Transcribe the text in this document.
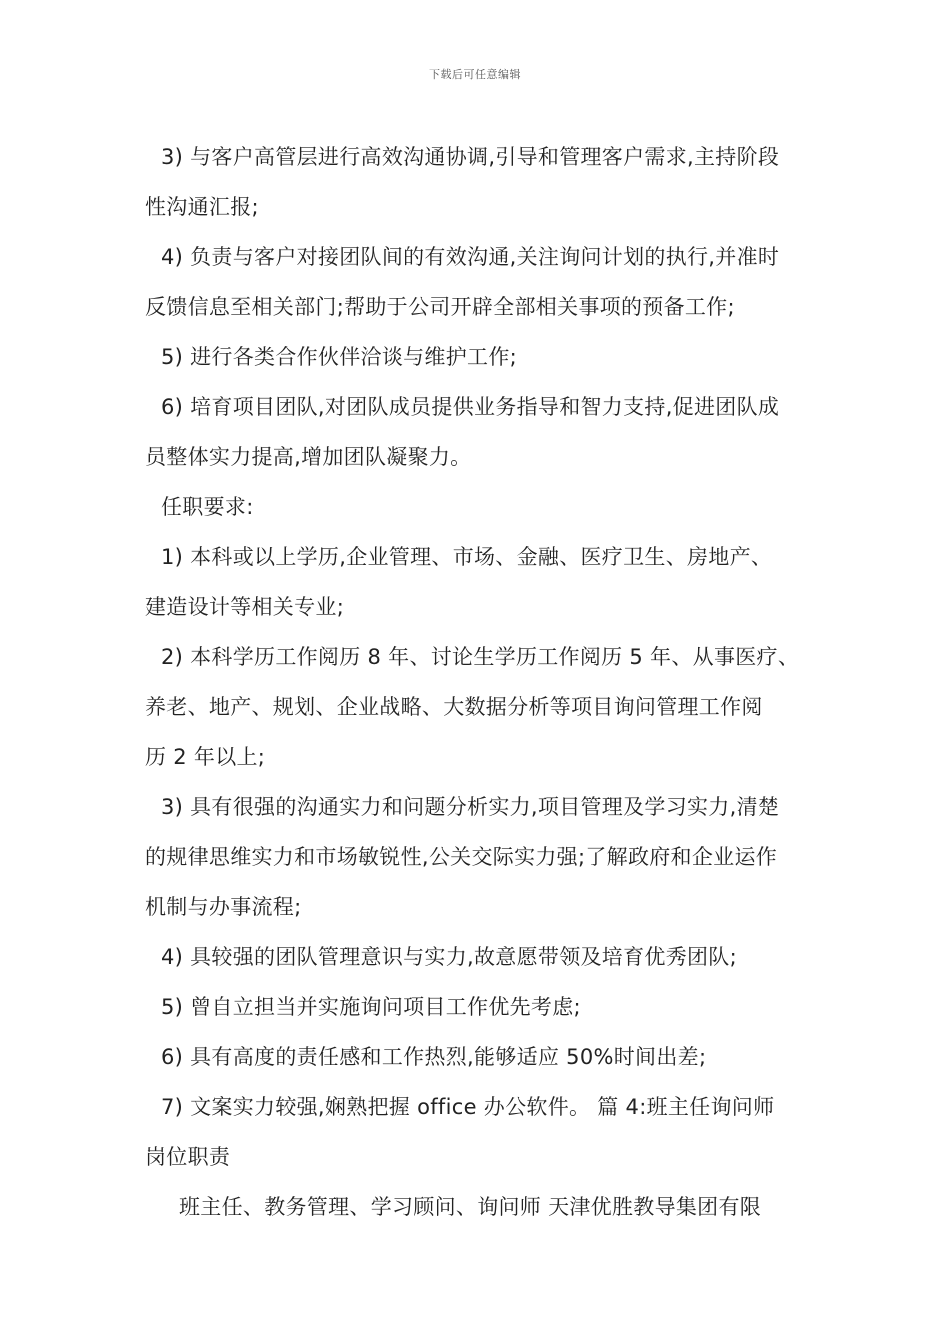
下载后可任意编辑
3) 与客户高管层进行高效沟通协调,引导和管理客户需求,主持阶段
性沟通汇报;
4) 负责与客户对接团队间的有效沟通,关注询问计划的执行,并准时
反馈信息至相关部门;帮助于公司开辟全部相关事项的预备工作;
5) 进行各类合作伙伴洽谈与维护工作;
6) 培育项目团队,对团队成员提供业务指导和智力支持,促进团队成
员整体实力提高,增加团队凝聚力。
任职要求:
1) 本科或以上学历,企业管理、市场、金融、医疗卫生、房地产、
建造设计等相关专业;
2) 本科学历工作阅历 8 年、讨论生学历工作阅历 5 年、从事医疗、
养老、地产、规划、企业战略、大数据分析等项目询问管理工作阅
历 2 年以上;
3) 具有很强的沟通实力和问题分析实力,项目管理及学习实力,清楚
的规律思维实力和市场敏锐性,公关交际实力强;了解政府和企业运作
机制与办事流程;
4) 具较强的团队管理意识与实力,故意愿带领及培育优秀团队;
5) 曾自立担当并实施询问项目工作优先考虑;
6) 具有高度的责任感和工作热烈,能够适应 50%时间出差;
7) 文案实力较强,娴熟把握 office 办公软件。 篇 4:班主任询问师
岗位职责
班主任、教务管理、学习顾问、询问师 天津优胜教导集团有限
